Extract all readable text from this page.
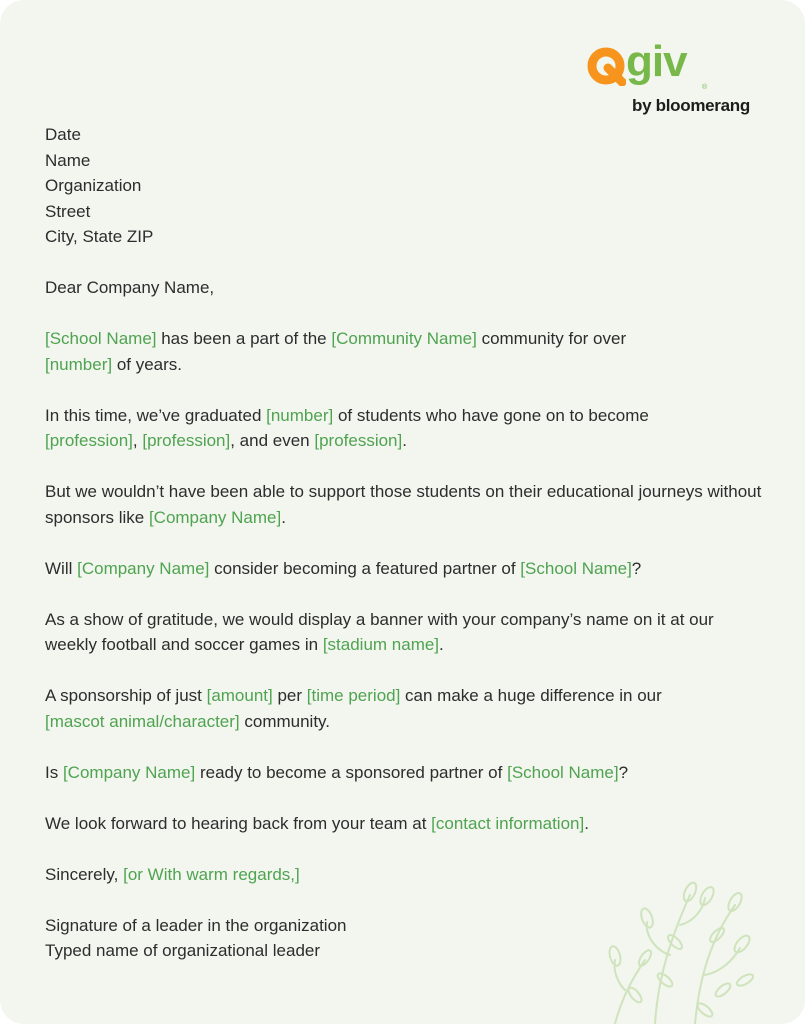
giv
®
by bloomerang

Date
Name
Organization
Street
City, State ZIP

Dear Company Name,

[School Name] has been a part of the [Community Name] community for over
[number] of years.

In this time, we’ve graduated [number] of students who have gone on to become
[profession], [profession], and even [profession].

But we wouldn’t have been able to support those students on their educational journeys without sponsors like [Company Name].

Will [Company Name] consider becoming a featured partner of [School Name]?

As a show of gratitude, we would display a banner with your company’s name on it at our weekly football and soccer games in [stadium name].

A sponsorship of just [amount] per [time period] can make a huge difference in our
[mascot animal/character] community.

Is [Company Name] ready to become a sponsored partner of [School Name]?

We look forward to hearing back from your team at [contact information].

Sincerely, [or With warm regards,]

Signature of a leader in the organization
Typed name of organizational leader
